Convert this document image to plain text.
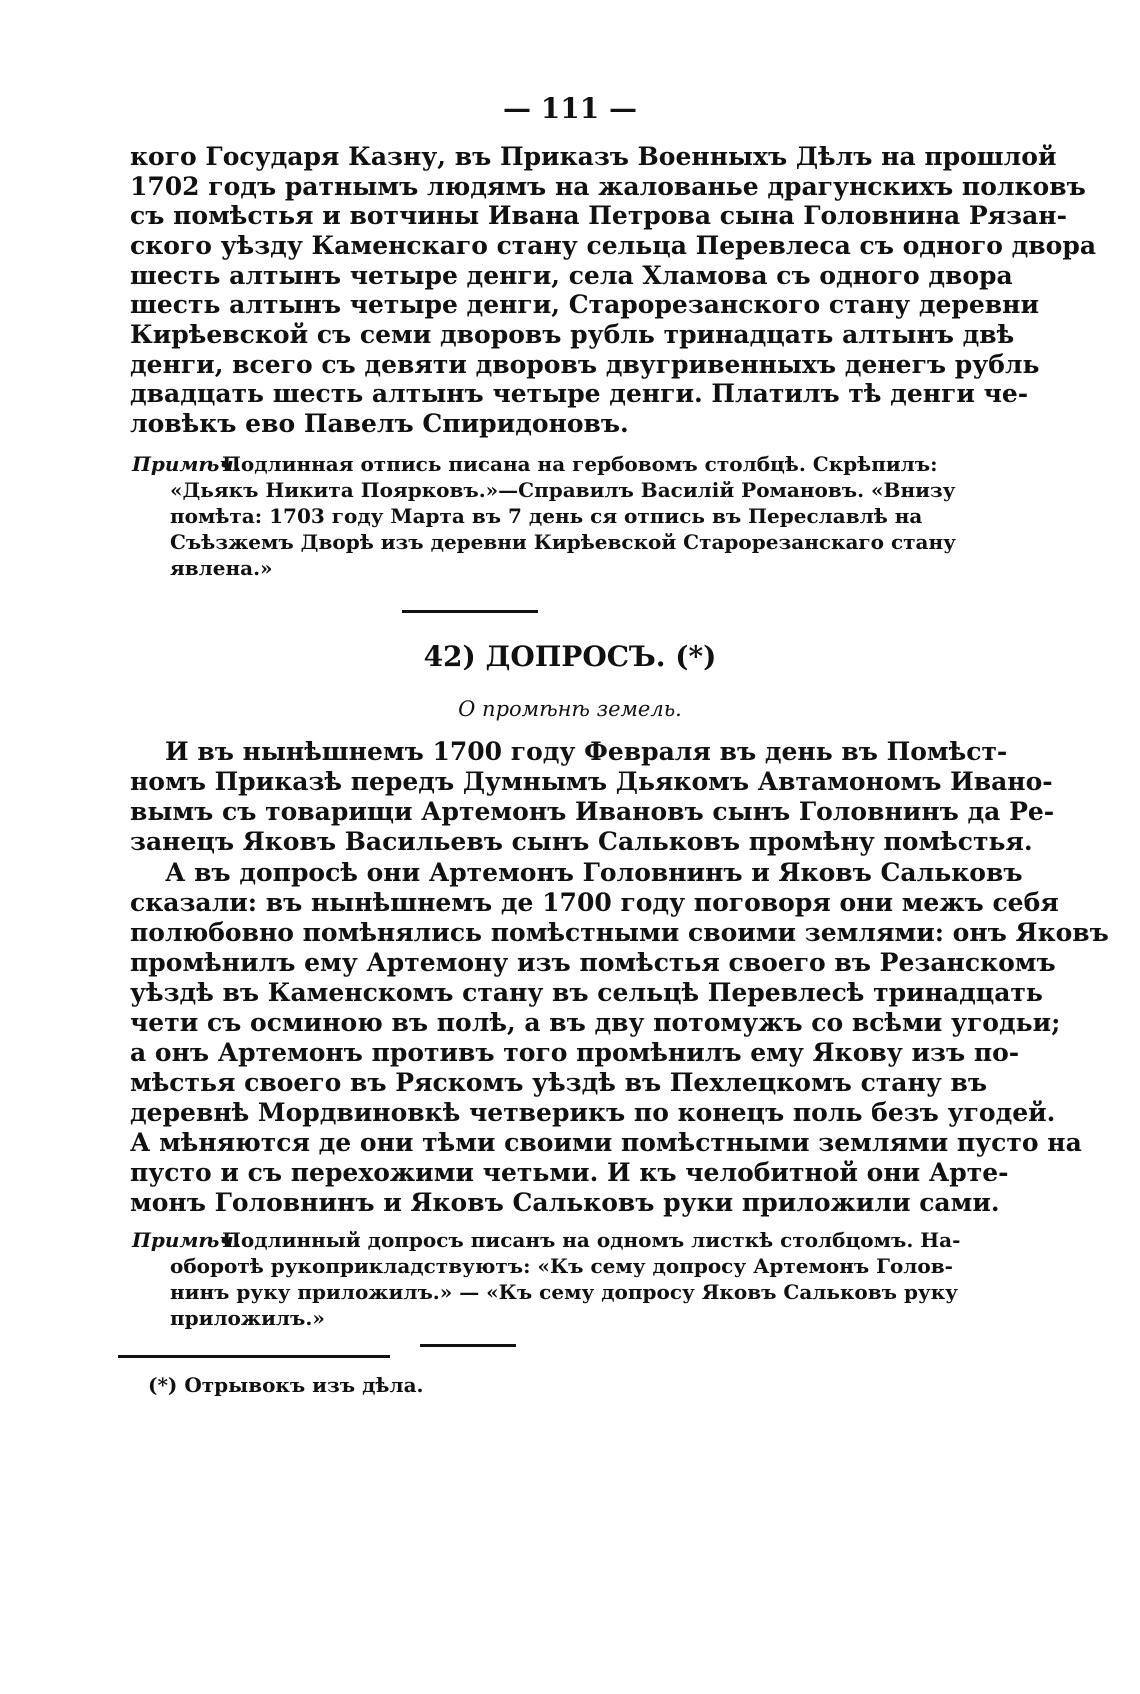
— 111 —
кого Государя Казну, въ Приказъ Военныхъ Дѣлъ на прошлой
1702 годъ ратнымъ людямъ на жалованье драгунскихъ полковъ
съ помѣстья и вотчины Ивана Петрова сына Головнина Рязан-
ского уѣзду Каменскаго стану сельца Перевлеса съ одного двора
шесть алтынъ четыре денги, села Хламова съ одного двора
шесть алтынъ четыре денги, Старорезанского стану деревни
Кирѣевской съ семи дворовъ рубль тринадцать алтынъ двѣ
денги, всего съ девяти дворовъ двугривенныхъ денегъ рубль
двадцать шесть алтынъ четыре денги. Платилъ тѣ денги че-
ловѣкъ ево Павелъ Спиридоновъ.
Примѣч.
Подлинная отпись писана на гербовомъ столбцѣ. Скрѣпилъ:
«Дьякъ Никита Поярковъ.»—Справилъ Василій Романовъ. «Внизу
помѣта: 1703 году Марта въ 7 день ся отпись въ Переславлѣ на
Съѣзжемъ Дворѣ изъ деревни Кирѣевской Старорезанскаго стану
явлена.»
42) ДОПРОСЪ. (*)
О промѣнѣ земель.
И въ нынѣшнемъ 1700 году Февраля въ день въ Помѣст-
номъ Приказѣ передъ Думнымъ Дьякомъ Автамономъ Ивано-
вымъ съ товарищи Артемонъ Ивановъ сынъ Головнинъ да Ре-
занецъ Яковъ Васильевъ сынъ Сальковъ промѣну помѣстья.
А въ допросѣ они Артемонъ Головнинъ и Яковъ Сальковъ
сказали: въ нынѣшнемъ де 1700 году поговоря они межъ себя
полюбовно помѣнялись помѣстными своими землями: онъ Яковъ
промѣнилъ ему Артемону изъ помѣстья своего въ Резанскомъ
уѣздѣ въ Каменскомъ стану въ сельцѣ Перевлесѣ тринадцать
чети съ осминою въ полѣ, а въ дву потомужъ со всѣми угодьи;
а онъ Артемонъ противъ того промѣнилъ ему Якову изъ по-
мѣстья своего въ Ряскомъ уѣздѣ въ Пехлецкомъ стану въ
деревнѣ Мордвиновкѣ четверикъ по конецъ поль безъ угодей.
А мѣняются де они тѣми своими помѣстными землями пусто на
пусто и съ перехожими четьми. И къ челобитной они Арте-
монъ Головнинъ и Яковъ Сальковъ руки приложили сами.
Примѣч.
Подлинный допросъ писанъ на одномъ листкѣ столбцомъ. На-
оборотѣ рукоприкладствуютъ: «Къ сему допросу Артемонъ Голов-
нинъ руку приложилъ.» — «Къ сему допросу Яковъ Сальковъ руку
приложилъ.»
(*) Отрывокъ изъ дѣла.
